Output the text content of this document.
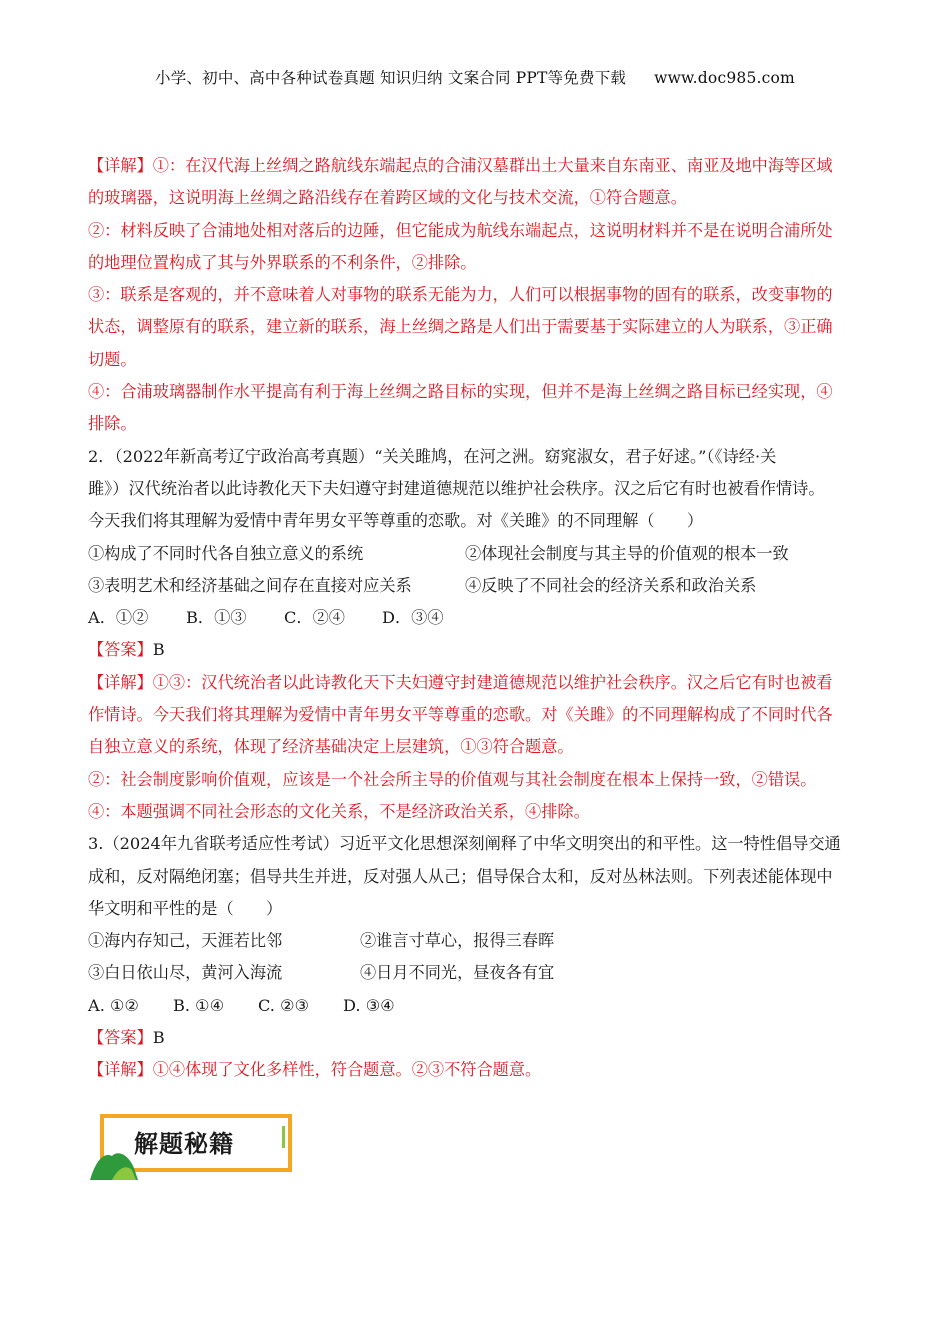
小学、初中、高中各种试卷真题 知识归纳 文案合同 PPT等免费下载 www.doc985.com
【详解】①：在汉代海上丝绸之路航线东端起点的合浦汉墓群出土大量来自东南亚、南亚及地中海等区域
的玻璃器，这说明海上丝绸之路沿线存在着跨区域的文化与技术交流，①符合题意。
②：材料反映了合浦地处相对落后的边陲，但它能成为航线东端起点，这说明材料并不是在说明合浦所处
的地理位置构成了其与外界联系的不利条件，②排除。
③：联系是客观的，并不意味着人对事物的联系无能为力，人们可以根据事物的固有的联系，改变事物的
状态，调整原有的联系，建立新的联系，海上丝绸之路是人们出于需要基于实际建立的人为联系，③正确
切题。
④：合浦玻璃器制作水平提高有利于海上丝绸之路目标的实现，但并不是海上丝绸之路目标已经实现，④
排除。
2．（2022年新高考辽宁政治高考真题）“关关雎鸠，在河之洲。窈窕淑女，君子好逑。”（《诗经·关
雎》）汉代统治者以此诗教化天下夫妇遵守封建道德规范以维护社会秩序。汉之后它有时也被看作情诗。
今天我们将其理解为爱情中青年男女平等尊重的恋歌。对《关雎》的不同理解（　　）
①构成了不同时代各自独立意义的系统	②体现社会制度与其主导的价值观的根本一致
③表明艺术和经济基础之间存在直接对应关系	④反映了不同社会的经济关系和政治关系
A．①②	B．①③	C．②④	D．③④
【答案】B
【详解】①③：汉代统治者以此诗教化天下夫妇遵守封建道德规范以维护社会秩序。汉之后它有时也被看
作情诗。今天我们将其理解为爱情中青年男女平等尊重的恋歌。对《关雎》的不同理解构成了不同时代各
自独立意义的系统，体现了经济基础决定上层建筑，①③符合题意。
②：社会制度影响价值观，应该是一个社会所主导的价值观与其社会制度在根本上保持一致，②错误。
④：本题强调不同社会形态的文化关系，不是经济政治关系，④排除。
3.（2024年九省联考适应性考试）习近平文化思想深刻阐释了中华文明突出的和平性。这一特性倡导交通
成和，反对隔绝闭塞；倡导共生并进，反对强人从己；倡导保合太和，反对丛林法则。下列表述能体现中
华文明和平性的是（　　）
①海内存知己，天涯若比邻	②谁言寸草心，报得三春晖
③白日依山尽，黄河入海流	④日月不同光，昼夜各有宜
A. ①②	B. ①④	C. ②③	D. ③④
【答案】B
【详解】①④体现了文化多样性，符合题意。②③不符合题意。
解题秘籍
